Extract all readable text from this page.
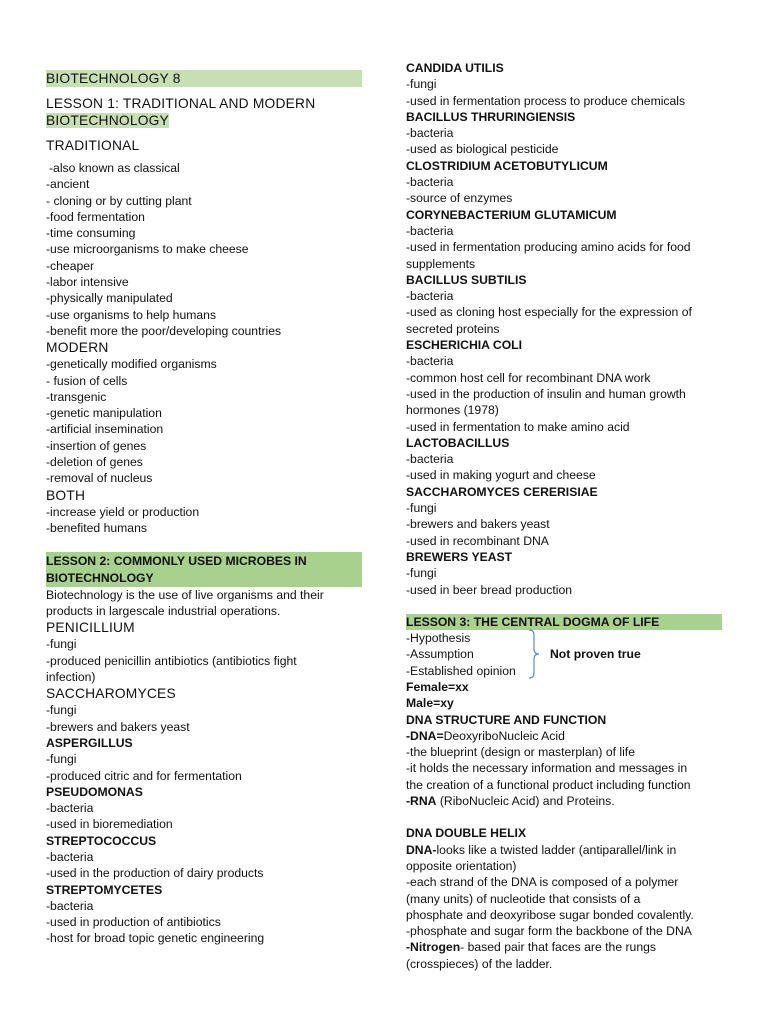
BIOTECHNOLOGY 8
LESSON 1: TRADITIONAL AND MODERN
BIOTECHNOLOGY
TRADITIONAL
-also known as classical
-ancient
- cloning or by cutting plant
-food fermentation
-time consuming
-use microorganisms to make cheese
-cheaper
-labor intensive
-physically manipulated
-use organisms to help humans
-benefit more the poor/developing countries
MODERN
-genetically modified organisms
- fusion of cells
-transgenic
-genetic manipulation
-artificial insemination
-insertion of genes
-deletion of genes
-removal of nucleus
BOTH
-increase yield or production
-benefited humans
LESSON 2: COMMONLY USED MICROBES IN
BIOTECHNOLOGY
Biotechnology is the use of live organisms and their
products in largescale industrial operations.
PENICILLIUM
-fungi
-produced penicillin antibiotics (antibiotics fight
infection)
SACCHAROMYCES
-fungi
-brewers and bakers yeast
ASPERGILLUS
-fungi
-produced citric and for fermentation
PSEUDOMONAS
-bacteria
-used in bioremediation
STREPTOCOCCUS
-bacteria
-used in the production of dairy products
STREPTOMYCETES
-bacteria
-used in production of antibiotics
-host for broad topic genetic engineering
CANDIDA UTILIS
-fungi
-used in fermentation process to produce chemicals
BACILLUS THRURINGIENSIS
-bacteria
-used as biological pesticide
CLOSTRIDIUM ACETOBUTYLICUM
-bacteria
-source of enzymes
CORYNEBACTERIUM GLUTAMICUM
-bacteria
-used in fermentation producing amino acids for food
supplements
BACILLUS SUBTILIS
-bacteria
-used as cloning host especially for the expression of
secreted proteins
ESCHERICHIA COLI
-bacteria
-common host cell for recombinant DNA work
-used in the production of insulin and human growth
hormones (1978)
-used in fermentation to make amino acid
LACTOBACILLUS
-bacteria
-used in making yogurt and cheese
SACCHAROMYCES CERERISIAE
-fungi
-brewers and bakers yeast
-used in recombinant DNA
BREWERS YEAST
-fungi
-used in beer bread production
LESSON 3: THE CENTRAL DOGMA OF LIFE
-Hypothesis
-Assumption
-Established opinion
Not proven true
Female=xx
Male=xy
DNA STRUCTURE AND FUNCTION
-DNA=DeoxyriboNucleic Acid
-the blueprint (design or masterplan) of life
-it holds the necessary information and messages in
the creation of a functional product including function
-RNA (RiboNucleic Acid) and Proteins.
DNA DOUBLE HELIX
DNA-looks like a twisted ladder (antiparallel/link in
opposite orientation)
-each strand of the DNA is composed of a polymer
(many units) of nucleotide that consists of a
phosphate and deoxyribose sugar bonded covalently.
-phosphate and sugar form the backbone of the DNA
-Nitrogen- based pair that faces are the rungs
(crosspieces) of the ladder.
